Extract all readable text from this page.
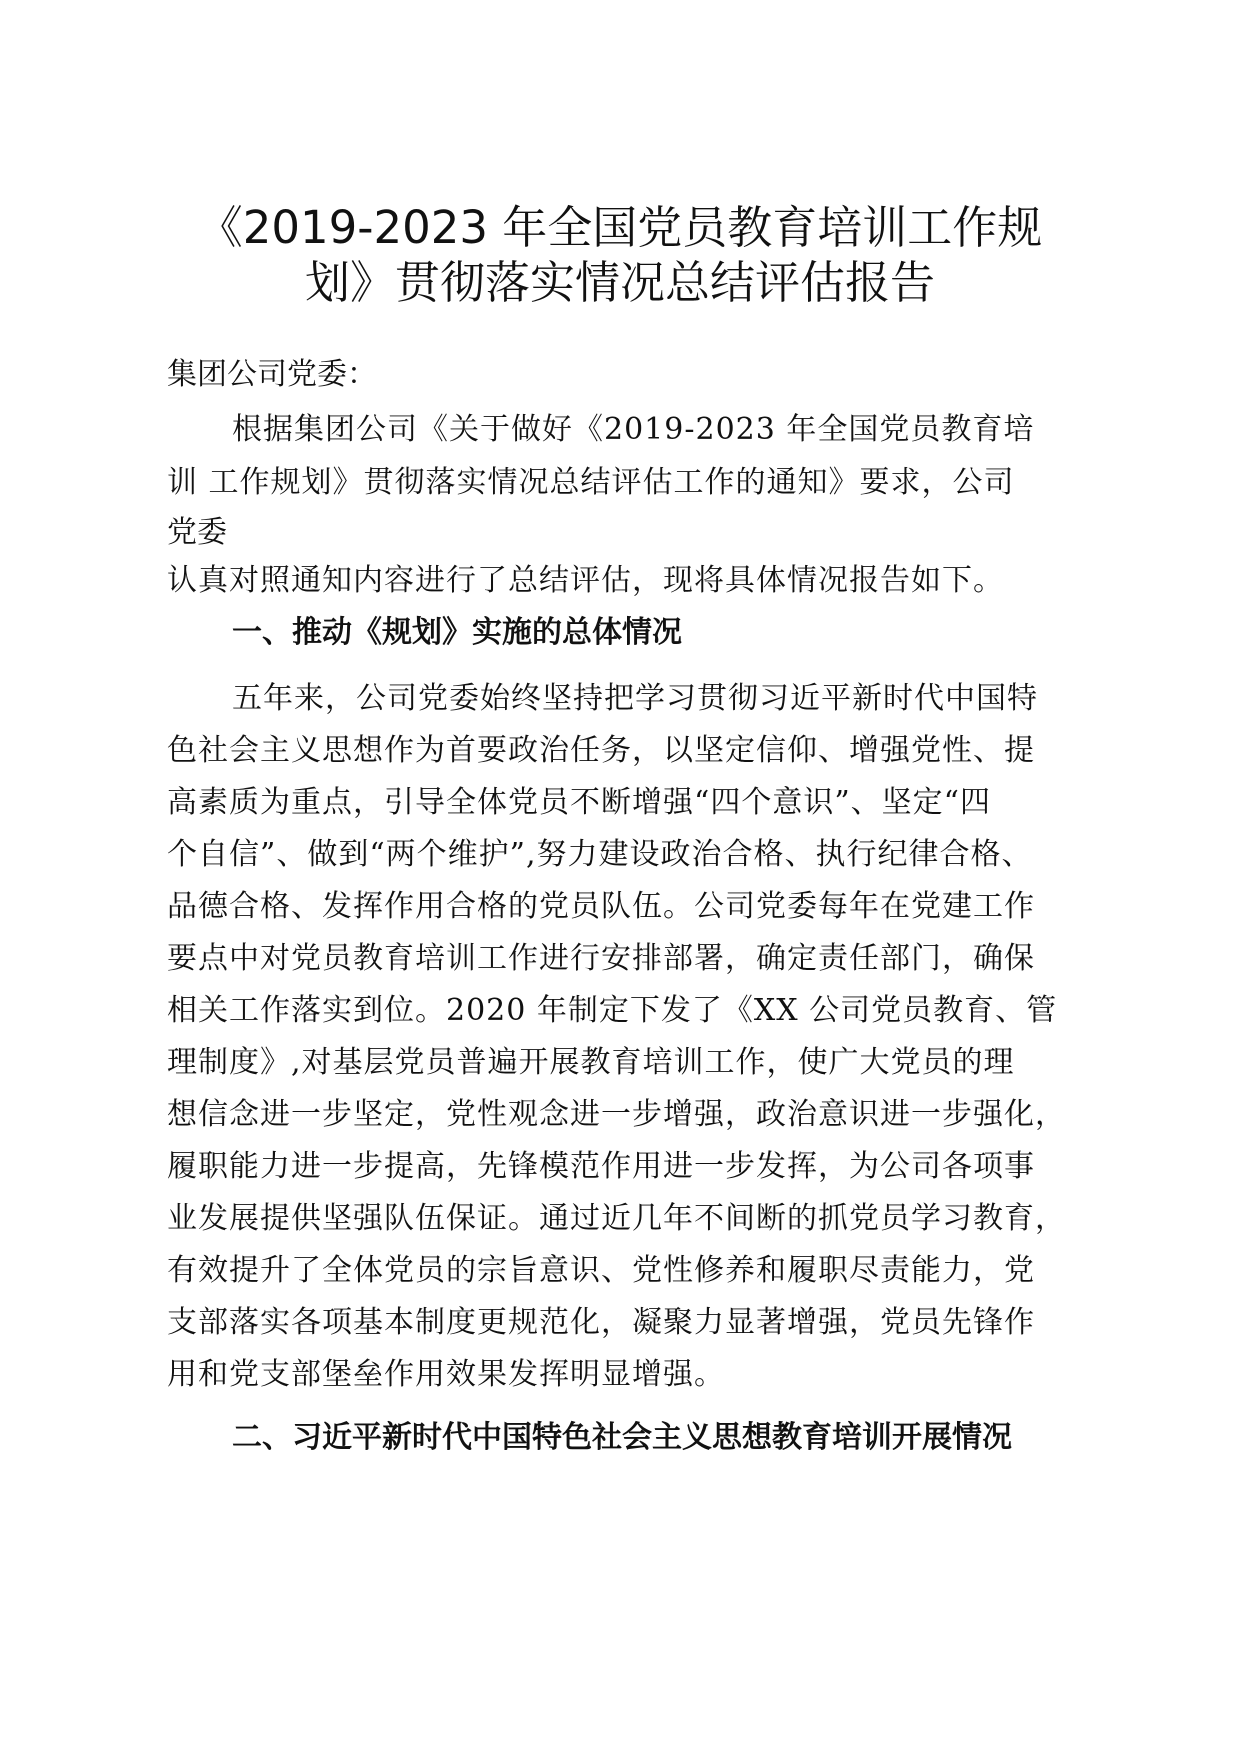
《2019-2023 年全国党员教育培训工作规
划》贯彻落实情况总结评估报告

集团公司党委：

根据集团公司《关于做好《2019-2023 年全国党员教育培

训 工作规划》贯彻落实情况总结评估工作的通知》要求，公司

党委

认真对照通知内容进行了总结评估，现将具体情况报告如下。

一、推动《规划》实施的总体情况

五年来，公司党委始终坚持把学习贯彻习近平新时代中国特

色社会主义思想作为首要政治任务，以坚定信仰、增强党性、提

高素质为重点，引导全体党员不断增强“四个意识”、坚定“四

个自信”、做到“两个维护”,努力建设政治合格、执行纪律合格、

品德合格、发挥作用合格的党员队伍。公司党委每年在党建工作

要点中对党员教育培训工作进行安排部署，确定责任部门，确保

相关工作落实到位。2020 年制定下发了《XX 公司党员教育、管

理制度》,对基层党员普遍开展教育培训工作，使广大党员的理

想信念进一步坚定，党性观念进一步增强，政治意识进一步强化，

履职能力进一步提高，先锋模范作用进一步发挥，为公司各项事

业发展提供坚强队伍保证。通过近几年不间断的抓党员学习教育，

有效提升了全体党员的宗旨意识、党性修养和履职尽责能力，党

支部落实各项基本制度更规范化，凝聚力显著增强，党员先锋作

用和党支部堡垒作用效果发挥明显增强。

二、习近平新时代中国特色社会主义思想教育培训开展情况
